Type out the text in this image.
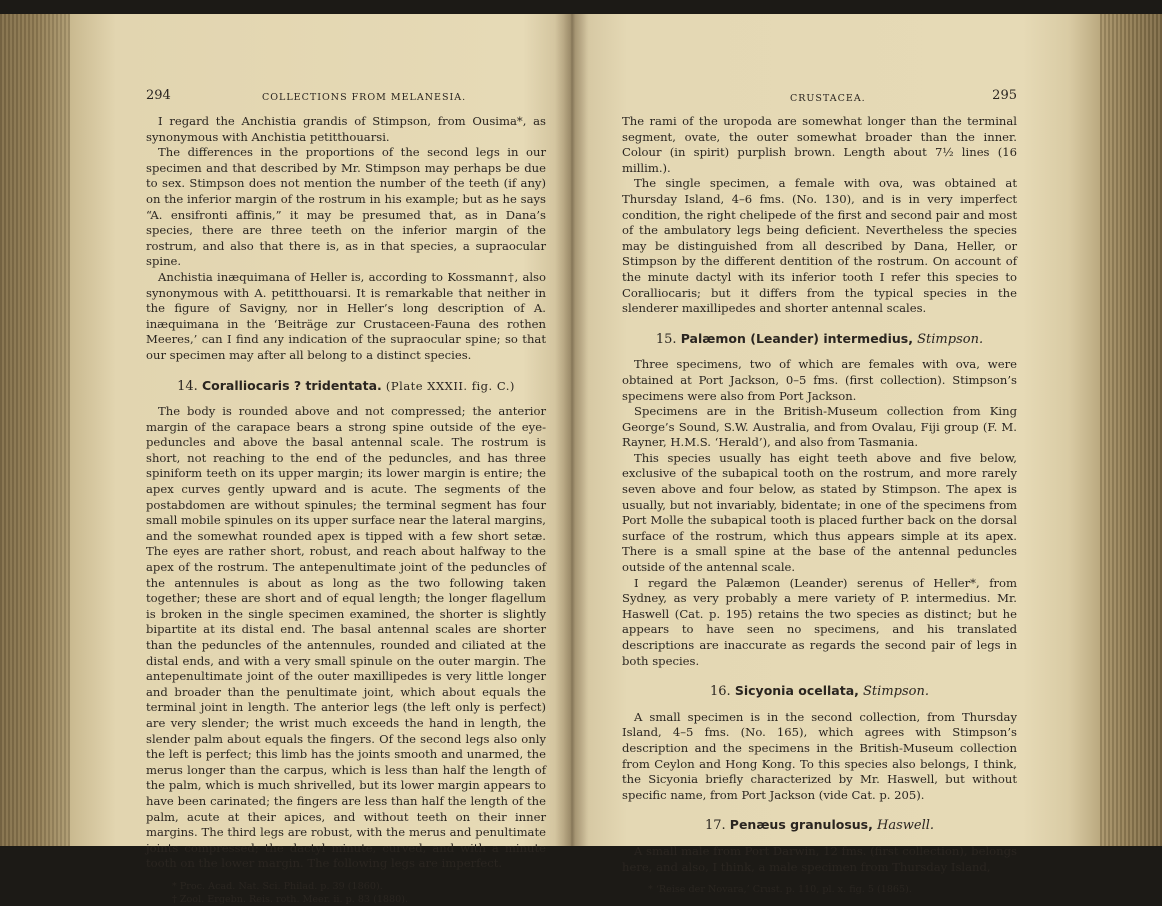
294	COLLECTIONS FROM MELANESIA.

I regard the Anchistia grandis of Stimpson, from Ousima*, as synonymous with Anchistia petitthouarsi.

The differences in the proportions of the second legs in our specimen and that described by Mr. Stimpson may perhaps be due to sex. Stimpson does not mention the number of the teeth (if any) on the inferior margin of the rostrum in his example; but as he says “A. ensifronti affinis,” it may be presumed that, as in Dana’s species, there are three teeth on the inferior margin of the rostrum, and also that there is, as in that species, a supraocular spine.

Anchistia inæquimana of Heller is, according to Kossmann†, also synonymous with A. petitthouarsi. It is remarkable that neither in the figure of Savigny, nor in Heller’s long description of A. inæquimana in the ‘Beiträge zur Crustaceen-Fauna des rothen Meeres,’ can I find any indication of the supraocular spine; so that our specimen may after all belong to a distinct species.

14. Coralliocaris ? tridentata. (Plate XXXII. fig. C.)

The body is rounded above and not compressed; the anterior margin of the carapace bears a strong spine outside of the eye-peduncles and above the basal antennal scale. The rostrum is short, not reaching to the end of the peduncles, and has three spiniform teeth on its upper margin; its lower margin is entire; the apex curves gently upward and is acute. The segments of the postabdomen are without spinules; the terminal segment has four small mobile spinules on its upper surface near the lateral margins, and the somewhat rounded apex is tipped with a few short setæ. The eyes are rather short, robust, and reach about halfway to the apex of the rostrum. The antepenultimate joint of the peduncles of the antennules is about as long as the two following taken together; these are short and of equal length; the longer flagellum is broken in the single specimen examined, the shorter is slightly bipartite at its distal end. The basal antennal scales are shorter than the peduncles of the antennules, rounded and ciliated at the distal ends, and with a very small spinule on the outer margin. The antepenultimate joint of the outer maxillipedes is very little longer and broader than the penultimate joint, which about equals the terminal joint in length. The anterior legs (the left only is perfect) are very slender; the wrist much exceeds the hand in length, the slender palm about equals the fingers. Of the second legs also only the left is perfect; this limb has the joints smooth and unarmed, the merus longer than the carpus, which is less than half the length of the palm, which is much shrivelled, but its lower margin appears to have been carinated; the fingers are less than half the length of the palm, acute at their apices, and without teeth on their inner margins. The third legs are robust, with the merus and penultimate joints compressed; the dactyl minute, curved, and with a minute tooth on the lower margin. The following legs are imperfect.

* Proc. Acad. Nat. Sci. Philad. p. 39 (1860).
† Zool. Ergebn. Reis. roth. Meer. ii. p. 83 (1880).
CRUSTACEA.	295

The rami of the uropoda are somewhat longer than the terminal segment, ovate, the outer somewhat broader than the inner. Colour (in spirit) purplish brown. Length about 7½ lines (16 millim.).

The single specimen, a female with ova, was obtained at Thursday Island, 4–6 fms. (No. 130), and is in very imperfect condition, the right chelipede of the first and second pair and most of the ambulatory legs being deficient. Nevertheless the species may be distinguished from all described by Dana, Heller, or Stimpson by the different dentition of the rostrum. On account of the minute dactyl with its inferior tooth I refer this species to Coralliocaris; but it differs from the typical species in the slenderer maxillipedes and shorter antennal scales.

15. Palæmon (Leander) intermedius, Stimpson.

Three specimens, two of which are females with ova, were obtained at Port Jackson, 0–5 fms. (first collection). Stimpson’s specimens were also from Port Jackson.

Specimens are in the British-Museum collection from King George’s Sound, S.W. Australia, and from Ovalau, Fiji group (F. M. Rayner, H.M.S. ‘Herald’), and also from Tasmania.

This species usually has eight teeth above and five below, exclusive of the subapical tooth on the rostrum, and more rarely seven above and four below, as stated by Stimpson. The apex is usually, but not invariably, bidentate; in one of the specimens from Port Molle the subapical tooth is placed further back on the dorsal surface of the rostrum, which thus appears simple at its apex. There is a small spine at the base of the antennal peduncles outside of the antennal scale.

I regard the Palæmon (Leander) serenus of Heller*, from Sydney, as very probably a mere variety of P. intermedius. Mr. Haswell (Cat. p. 195) retains the two species as distinct; but he appears to have seen no specimens, and his translated descriptions are inaccurate as regards the second pair of legs in both species.

16. Sicyonia ocellata, Stimpson.

A small specimen is in the second collection, from Thursday Island, 4–5 fms. (No. 165), which agrees with Stimpson’s description and the specimens in the British-Museum collection from Ceylon and Hong Kong. To this species also belongs, I think, the Sicyonia briefly characterized by Mr. Haswell, but without specific name, from Port Jackson (vide Cat. p. 205).

17. Penæus granulosus, Haswell.

A small male from Port Darwin, 12 fms. (first collection), belongs here, and also, I think, a male specimen from Thursday Island,

* ‘Reise der Novara,’ Crust. p. 110, pl. x. fig. 5 (1865).
